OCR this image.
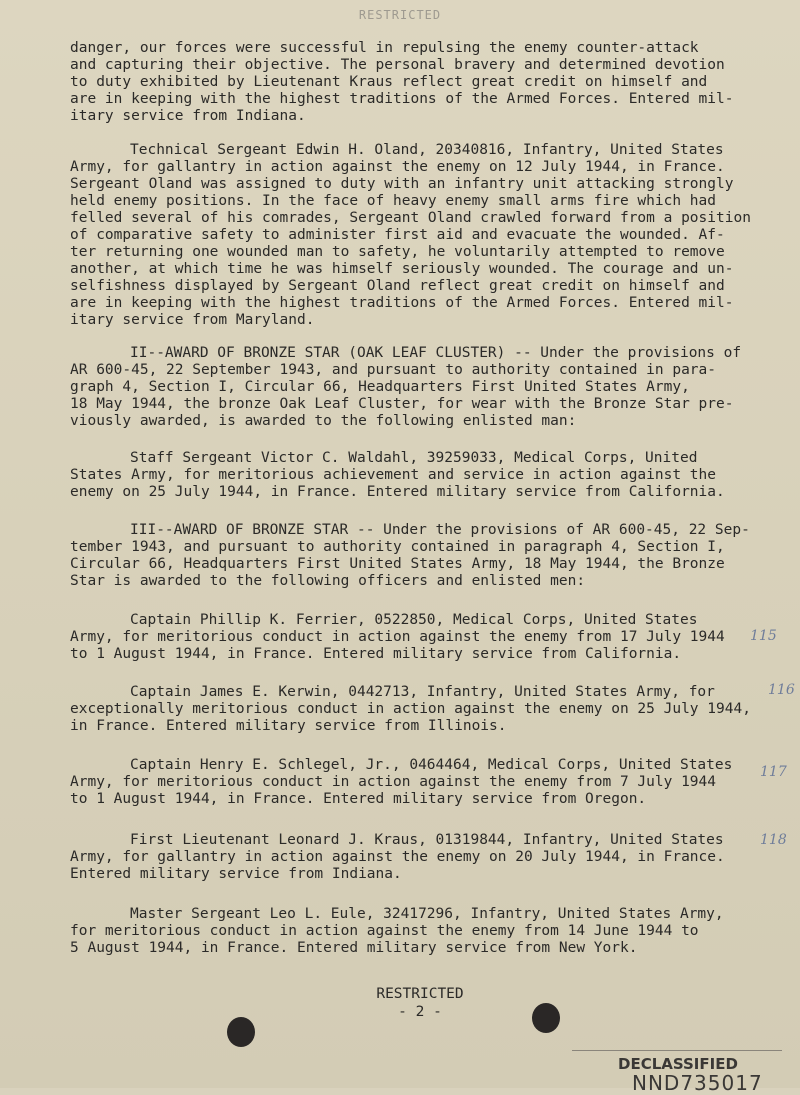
RESTRICTED
danger, our forces were successful in repulsing the enemy counter-attack
and capturing their objective. The personal bravery and determined devotion
to duty exhibited by Lieutenant Kraus reflect great credit on himself and
are in keeping with the highest traditions of the Armed Forces. Entered mil-
itary service from Indiana.
Technical Sergeant Edwin H. Oland, 20340816, Infantry, United States
Army, for gallantry in action against the enemy on 12 July 1944, in France.
Sergeant Oland was assigned to duty with an infantry unit attacking strongly
held enemy positions. In the face of heavy enemy small arms fire which had
felled several of his comrades, Sergeant Oland crawled forward from a position
of comparative safety to administer first aid and evacuate the wounded. Af-
ter returning one wounded man to safety, he voluntarily attempted to remove
another, at which time he was himself seriously wounded. The courage and un-
selfishness displayed by Sergeant Oland reflect great credit on himself and
are in keeping with the highest traditions of the Armed Forces. Entered mil-
itary service from Maryland.
II--AWARD OF BRONZE STAR (OAK LEAF CLUSTER) -- Under the provisions of
AR 600-45, 22 September 1943, and pursuant to authority contained in para-
graph 4, Section I, Circular 66, Headquarters First United States Army,
18 May 1944, the bronze Oak Leaf Cluster, for wear with the Bronze Star pre-
viously awarded, is awarded to the following enlisted man:
Staff Sergeant Victor C. Waldahl, 39259033, Medical Corps, United
States Army, for meritorious achievement and service in action against the
enemy on 25 July 1944, in France. Entered military service from California.
III--AWARD OF BRONZE STAR -- Under the provisions of AR 600-45, 22 Sep-
tember 1943, and pursuant to authority contained in paragraph 4, Section I,
Circular 66, Headquarters First United States Army, 18 May 1944, the Bronze
Star is awarded to the following officers and enlisted men:
Captain Phillip K. Ferrier, 0522850, Medical Corps, United States
Army, for meritorious conduct in action against the enemy from 17 July 1944
to 1 August 1944, in France. Entered military service from California.
Captain James E. Kerwin, 0442713, Infantry, United States Army, for
exceptionally meritorious conduct in action against the enemy on 25 July 1944,
in France. Entered military service from Illinois.
Captain Henry E. Schlegel, Jr., 0464464, Medical Corps, United States
Army, for meritorious conduct in action against the enemy from 7 July 1944
to 1 August 1944, in France. Entered military service from Oregon.
First Lieutenant Leonard J. Kraus, 01319844, Infantry, United States
Army, for gallantry in action against the enemy on 20 July 1944, in France.
Entered military service from Indiana.
Master Sergeant Leo L. Eule, 32417296, Infantry, United States Army,
for meritorious conduct in action against the enemy from 14 June 1944 to
5 August 1944, in France. Entered military service from New York.
115
116
117
118
RESTRICTED
- 2 -
DECLASSIFIED
NND735017
